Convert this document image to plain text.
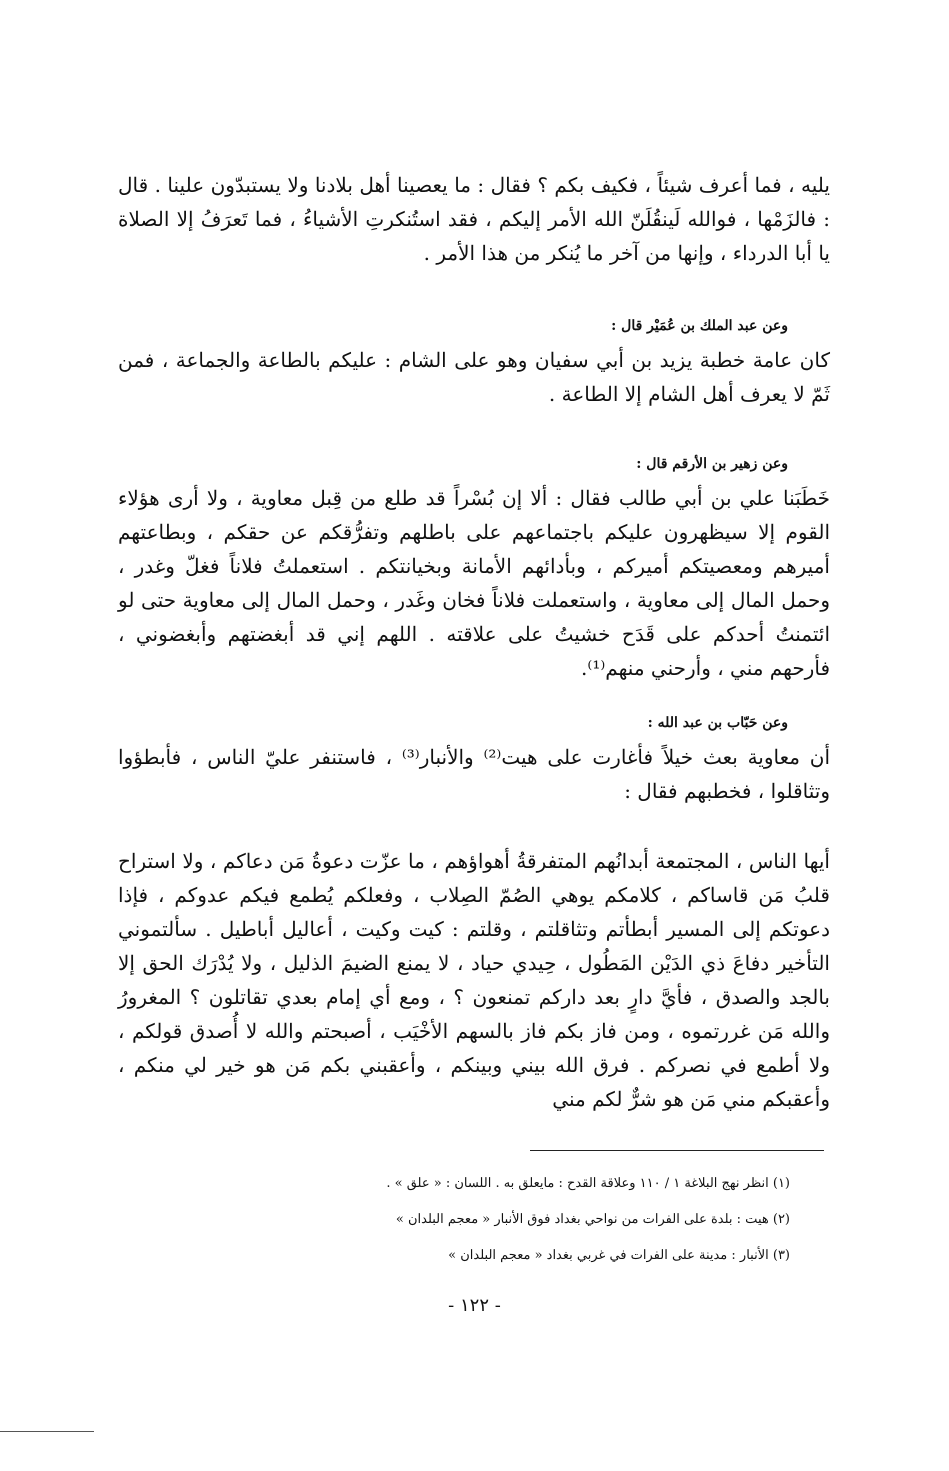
يليه ، فما أعرف شيئاً ، فكيف بكم ؟ فقال : ما يعصينا أهل بلادنا ولا يستبدّون علينا . قال : فالزَمْها ، فوالله لَينقُلَنّ الله الأمر إليكم ، فقد استُنكرتِ الأشياءُ ، فما تَعرَفُ إلا الصلاة يا أبا الدرداء ، وإنها من آخر ما يُنكر من هذا الأمر .

وعن عبد الملك بن عُمَيْر قال :

كان عامة خطبة يزيد بن أبي سفيان وهو على الشام : عليكم بالطاعة والجماعة ، فمن ثَمّ لا يعرف أهل الشام إلا الطاعة .

وعن زهير بن الأرقم قال :

خَطَبَنا علي بن أبي طالب فقال : ألا إن بُسْراً قد طلع من قِبل معاوية ، ولا أرى هؤلاء القوم إلا سيظهرون عليكم باجتماعهم على باطلهم وتفرُّقكم عن حقكم ، وبطاعتهم أميرهم ومعصيتكم أميركم ، وبأدائهم الأمانة وبخيانتكم . استعملتُ فلاناً فغلّ وغدر ، وحمل المال إلى معاوية ، واستعملت فلاناً فخان وغَدر ، وحمل المال إلى معاوية حتى لو ائتمنتُ أحدكم على قَدَح خشيتُ على علاقته . اللهم إني قد أبغضتهم وأبغضوني ، فأرحهم مني ، وأرحني منهم⁽¹⁾.

وعن حَبّاب بن عبد الله :

أن معاوية بعث خيلاً فأغارت على هيت⁽²⁾ والأنبار⁽³⁾ ، فاستنفر عليّ الناس ، فأبطؤوا وتثاقلوا ، فخطبهم فقال :

أيها الناس ، المجتمعة أبدانُهم المتفرقةُ أهواؤهم ، ما عزّت دعوةُ مَن دعاكم ، ولا استراح قلبُ مَن قاساكم ، كلامكم يوهي الصُمّ الصِلاب ، وفعلكم يُطمع فيكم عدوكم ، فإذا دعوتكم إلى المسير أبطأتم وتثاقلتم ، وقلتم : كيت وكيت ، أعاليل أباطيل . سألتموني التأخير دفاعَ ذي الدَيْن المَطُول ، حِيدي حياد ، لا يمنع الضيمَ الذليل ، ولا يُدْرَك الحق إلا بالجد والصدق ، فأيَّ دارٍ بعد داركم تمنعون ؟ ، ومع أي إمام بعدي تقاتلون ؟ المغرورُ والله مَن غررتموه ، ومن فاز بكم فاز بالسهم الأخْيَب ، أصبحتم والله لا أُصدق قولكم ، ولا أطمع في نصركم . فرق الله بيني وبينكم ، وأعقبني بكم مَن هو خير لي منكم ، وأعقبكم مني مَن هو شرٌّ لكم مني

(١) انظر نهج البلاغة ١ / ١١٠ وعلاقة القدح : مايعلق به . اللسان : « علق » .

(٢) هيت : بلدة على الفرات من نواحي بغداد فوق الأنبار « معجم البلدان »

(٣) الأنبار : مدينة على الفرات في غربي بغداد « معجم البلدان »

- ١٢٢ -
